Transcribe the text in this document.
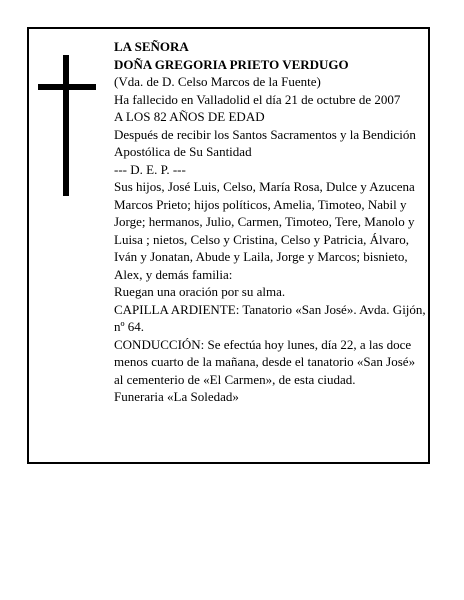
LA SEÑORA

DOÑA GREGORIA PRIETO VERDUGO

(Vda. de D. Celso Marcos de la Fuente)

Ha fallecido en Valladolid el día 21 de octubre de 2007

A LOS 82 AÑOS DE EDAD

Después de recibir los Santos Sacramentos y la Bendición Apostólica de Su Santidad

--- D. E. P. ---

Sus hijos, José Luis, Celso, María Rosa, Dulce y Azucena Marcos Prieto; hijos políticos, Amelia, Timoteo, Nabil y Jorge; hermanos, Julio, Carmen, Timoteo, Tere, Manolo y Luisa ; nietos, Celso y Cristina, Celso y Patricia, Álvaro, Iván y Jonatan, Abude y Laila, Jorge y Marcos; bisnieto, Alex, y demás familia:

Ruegan una oración por su alma.

CAPILLA ARDIENTE: Tanatorio «San José». Avda. Gijón, nº 64.

CONDUCCIÓN: Se efectúa hoy lunes, día 22, a las doce menos cuarto de la mañana, desde el tanatorio «San José» al cementerio de «El Carmen», de esta ciudad.

Funeraria «La Soledad»
